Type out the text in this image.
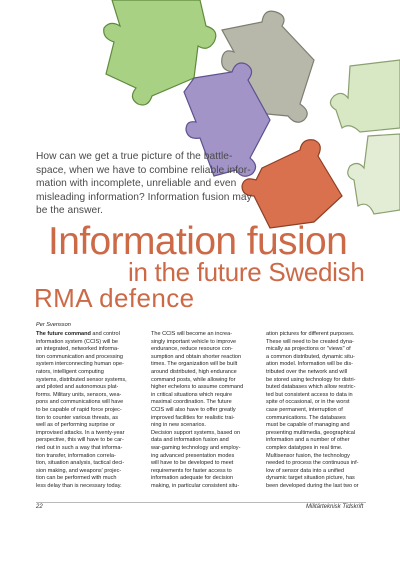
How can we get a true picture of the battle-
space, when we have to combine reliable infor-
mation with incomplete, unreliable and even
misleading information? Information fusion may
be the answer.
Information fusion
in the future Swedish
RMA defence
Per Svensson
The future command and control
information system (CCIS) will be
an integrated, networked informa-
tion communication and processing
system interconnecting human ope-
rators, intelligent computing
systems, distributed sensor systems,
and piloted and autonomous plat-
forms. Military units, sensors, wea-
pons and communications will have
to be capable of rapid force projec-
tion to counter various threats, as
well as of performing surprise or
improvised attacks. In a twenty-year
perspective, this will have to be car-
ried out in such a way that informa-
tion transfer, information correla-
tion, situation analysis, tactical deci-
sion making, and weapons' projec-
tion can be performed with much
less delay than is necessary today.
The CCIS will become an increa-
singly important vehicle to improve
endurance, reduce resource con-
sumption and obtain shorter reaction
times. The organization will be built
around distributed, high endurance
command posts, while allowing for
higher echelons to assume command
in critical situations which require
maximal coordination. The future
CCIS will also have to offer greatly
improved facilities for realistic trai-
ning in new scenarios.
Decision support systems, based on
data and information fusion and
war-gaming technology and employ-
ing advanced presentation modes
will have to be developed to meet
requirements for faster access to
information adequate for decision
making, in particular consistent situ-
ation pictures for different purposes.
These will need to be created dyna-
mically as projections or "views" of
a common distributed, dynamic situ-
ation model. Information will be dis-
tributed over the network and will
be stored using technology for distri-
buted databases which allow restric-
ted but consistent access to data in
spite of occasional, or in the worst
case permanent, interruption of
communications. The databases
must be capable of managing and
presenting multimedia, geographical
information and a number of other
complex datatypes in real time.
Multisensor fusion, the technology
needed to process the continuous inf-
low of sensor data into a unified
dynamic target situation picture, has
been developed during the last two or
22	Militärteknisk Tidskrift
